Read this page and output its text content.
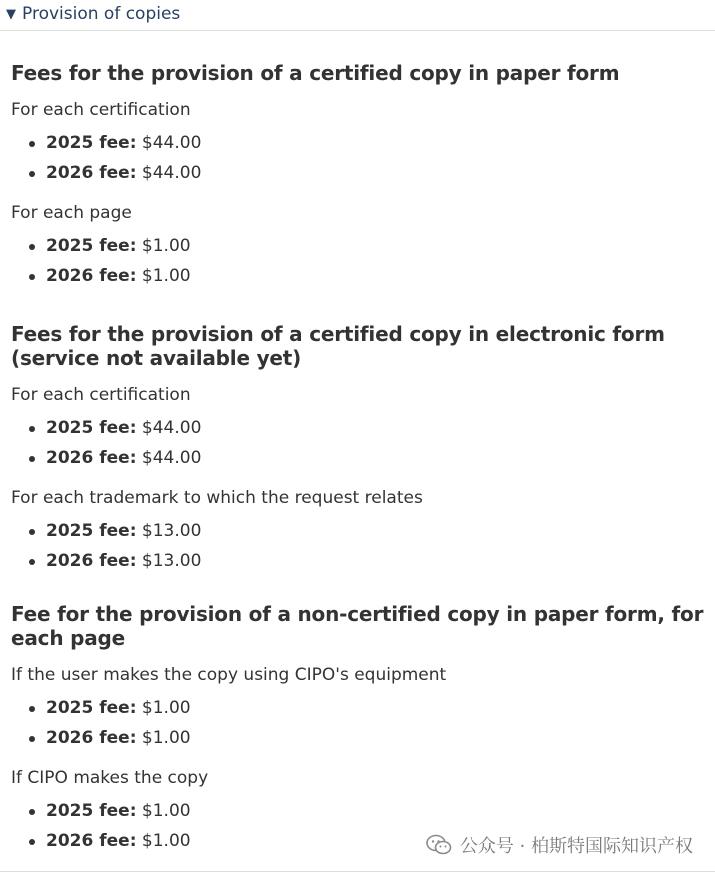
▼ Provision of copies
Fees for the provision of a certified copy in paper form

For each certification

2025 fee: $44.00
2026 fee: $44.00

For each page

2025 fee: $1.00
2026 fee: $1.00
Fees for the provision of a certified copy in electronic form (service not available yet)

For each certification

2025 fee: $44.00
2026 fee: $44.00

For each trademark to which the request relates

2025 fee: $13.00
2026 fee: $13.00
Fee for the provision of a non-certified copy in paper form, for each page

If the user makes the copy using CIPO's equipment

2025 fee: $1.00
2026 fee: $1.00

If CIPO makes the copy

2025 fee: $1.00
2026 fee: $1.00	公众号 · 柏斯特国际知识产权
